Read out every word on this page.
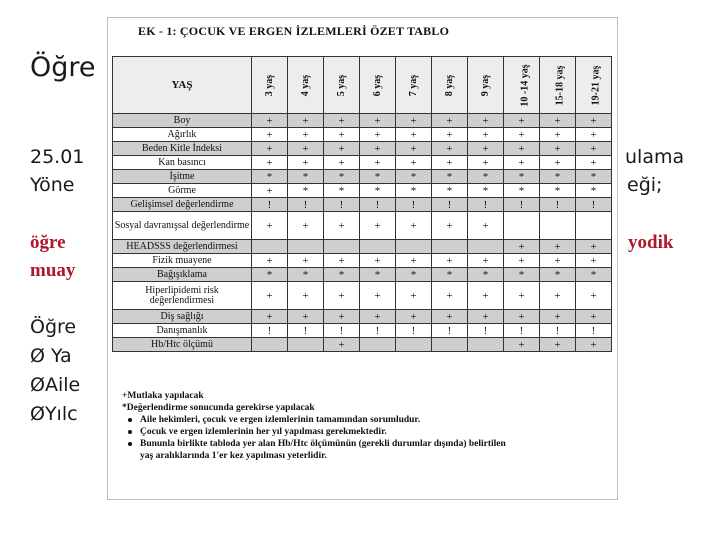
Öğre
25.01	ulama
Yöne	eği;
öğre	yodik
muay
Öğre
Ø Ya
ØAile
ØYılc
EK - 1: ÇOCUK VE ERGEN İZLEMLERİ ÖZET TABLO
YAŞ	3 yaş	4 yaş	5 yaş	6 yaş	7 yaş	8 yaş	9 yaş	10 -14 yaş	15-18 yaş	19-21 yaş
Boy	+	+	+	+	+	+	+	+	+	+
Ağırlık	+	+	+	+	+	+	+	+	+	+
Beden Kitle İndeksi	+	+	+	+	+	+	+	+	+	+
Kan basıncı	+	+	+	+	+	+	+	+	+	+
İşitme	*	*	*	*	*	*	*	*	*	*
Görme	+	*	*	*	*	*	*	*	*	*
Gelişimsel değerlendirme	!	!	!	!	!	!	!	!	!	!
Sosyal davranışsal değerlendirme	+	+	+	+	+	+	+			
HEADSSS değerlendirmesi								+	+	+
Fizik muayene	+	+	+	+	+	+	+	+	+	+
Bağışıklama	*	*	*	*	*	*	*	*	*	*
Hiperlipidemi risk değerlendirmesi	+	+	+	+	+	+	+	+	+	+
Diş sağlığı	+	+	+	+	+	+	+	+	+	+
Danışmanlık	!	!	!	!	!	!	!	!	!	!
Hb/Htc ölçümü			+					+	+	+
+Mutlaka yapılacak
*Değerlendirme sonucunda gerekirse yapılacak
Aile hekimleri, çocuk ve ergen izlemlerinin tamamından sorumludur.
Çocuk ve ergen izlemlerinin her yıl yapılması gerekmektedir.
Bununla birlikte tabloda yer alan Hb/Htc ölçümünün (gerekli durumlar dışında) belirtilen
yaş aralıklarında 1'er kez yapılması yeterlidir.
